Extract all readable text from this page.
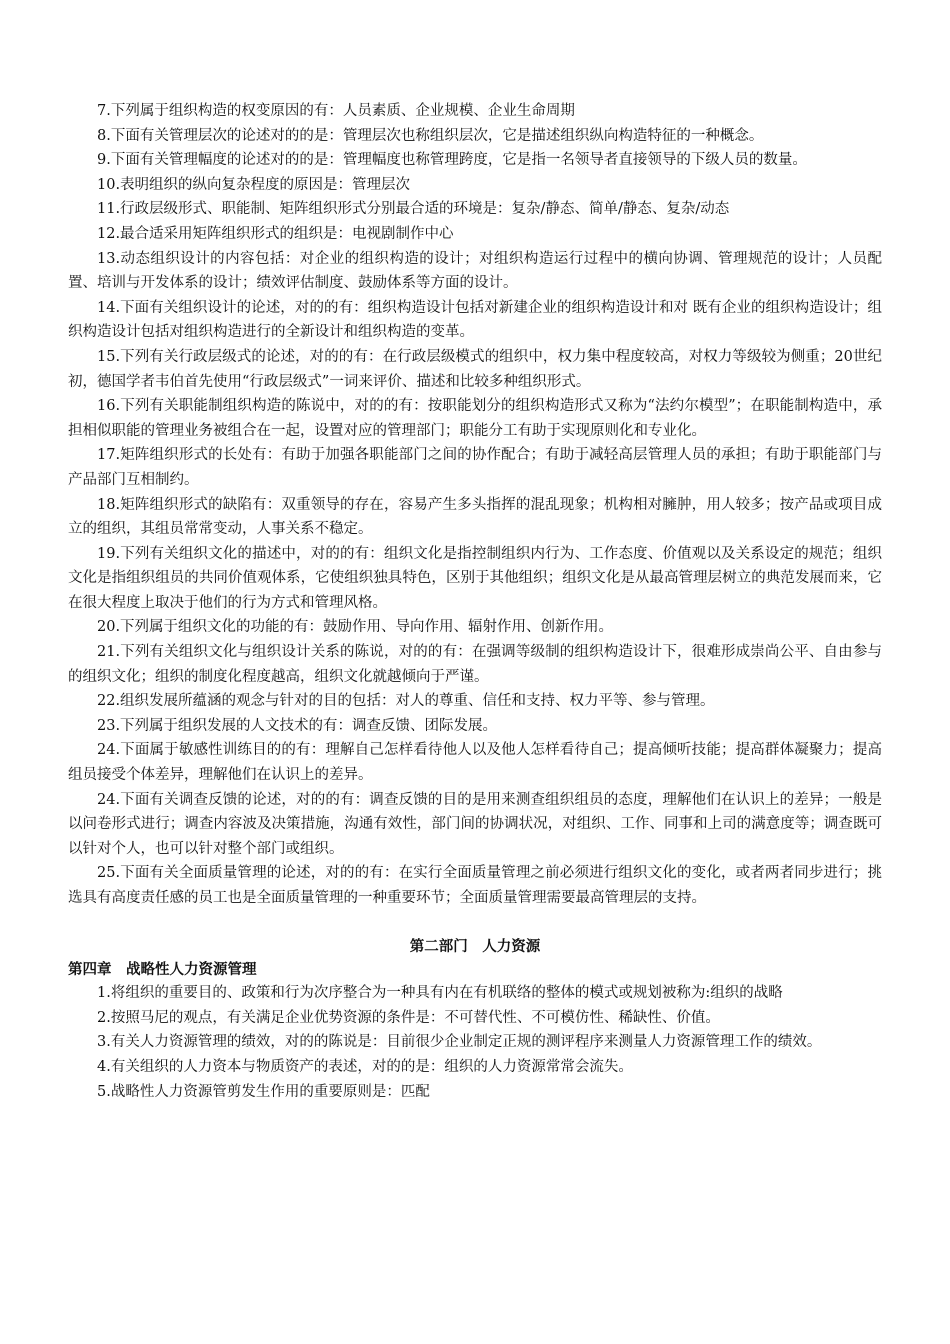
7.下列属于组织构造的权变原因的有：人员素质、企业规模、企业生命周期

8.下面有关管理层次的论述对的的是：管理层次也称组织层次，它是描述组织纵向构造特征的一种概念。

9.下面有关管理幅度的论述对的的是：管理幅度也称管理跨度，它是指一名领导者直接领导的下级人员的数量。

10.表明组织的纵向复杂程度的原因是：管理层次

11.行政层级形式、职能制、矩阵组织形式分别最合适的环境是：复杂/静态、简单/静态、复杂/动态

12.最合适采用矩阵组织形式的组织是：电视剧制作中心

13.动态组织设计的内容包括：对企业的组织构造的设计；对组织构造运行过程中的横向协调、管理规范的设计；人员配置、培训与开发体系的设计；绩效评估制度、鼓励体系等方面的设计。

14.下面有关组织设计的论述，对的的有：组织构造设计包括对新建企业的组织构造设计和对 既有企业的组织构造设计；组织构造设计包括对组织构造进行的全新设计和组织构造的变革。

15.下列有关行政层级式的论述，对的的有：在行政层级模式的组织中，权力集中程度较高，对权力等级较为侧重；20世纪初，德国学者韦伯首先使用“行政层级式”一词来评价、描述和比较多种组织形式。

16.下列有关职能制组织构造的陈说中，对的的有：按职能划分的组织构造形式又称为“法约尔模型”；在职能制构造中，承担相似职能的管理业务被组合在一起，设置对应的管理部门；职能分工有助于实现原则化和专业化。

17.矩阵组织形式的长处有：有助于加强各职能部门之间的协作配合；有助于减轻高层管理人员的承担；有助于职能部门与产品部门互相制约。

18.矩阵组织形式的缺陷有：双重领导的存在，容易产生多头指挥的混乱现象；机构相对臃肿，用人较多；按产品或项目成立的组织，其组员常常变动，人事关系不稳定。

19.下列有关组织文化的描述中，对的的有：组织文化是指控制组织内行为、工作态度、价值观以及关系设定的规范；组织文化是指组织组员的共同价值观体系，它使组织独具特色，区别于其他组织；组织文化是从最高管理层树立的典范发展而来，它在很大程度上取决于他们的行为方式和管理风格。

20.下列属于组织文化的功能的有：鼓励作用、导向作用、辐射作用、创新作用。

21.下列有关组织文化与组织设计关系的陈说，对的的有：在强调等级制的组织构造设计下，很难形成崇尚公平、自由参与的组织文化；组织的制度化程度越高，组织文化就越倾向于严谨。

22.组织发展所蕴涵的观念与针对的目的包括：对人的尊重、信任和支持、权力平等、参与管理。

23.下列属于组织发展的人文技术的有：调查反馈、团际发展。

24.下面属于敏感性训练目的的有：理解自己怎样看待他人以及他人怎样看待自己；提高倾听技能；提高群体凝聚力；提高组员接受个体差异，理解他们在认识上的差异。

24.下面有关调查反馈的论述，对的的有：调查反馈的目的是用来测查组织组员的态度，理解他们在认识上的差异；一般是以问卷形式进行；调查内容波及决策措施，沟通有效性，部门间的协调状况，对组织、工作、同事和上司的满意度等；调查既可以针对个人，也可以针对整个部门或组织。

25.下面有关全面质量管理的论述，对的的有：在实行全面质量管理之前必须进行组织文化的变化，或者两者同步进行；挑选具有高度责任感的员工也是全面质量管理的一种重要环节；全面质量管理需要最高管理层的支持。

第二部门　人力资源

第四章　战略性人力资源管理

1.将组织的重要目的、政策和行为次序整合为一种具有内在有机联络的整体的模式或规划被称为:组织的战略

2.按照马尼的观点，有关满足企业优势资源的条件是：不可替代性、不可模仿性、稀缺性、价值。

3.有关人力资源管理的绩效，对的的陈说是：目前很少企业制定正规的测评程序来测量人力资源管理工作的绩效。

4.有关组织的人力资本与物质资产的表述，对的的是：组织的人力资源常常会流失。

5.战略性人力资源管剪发生作用的重要原则是：匹配
